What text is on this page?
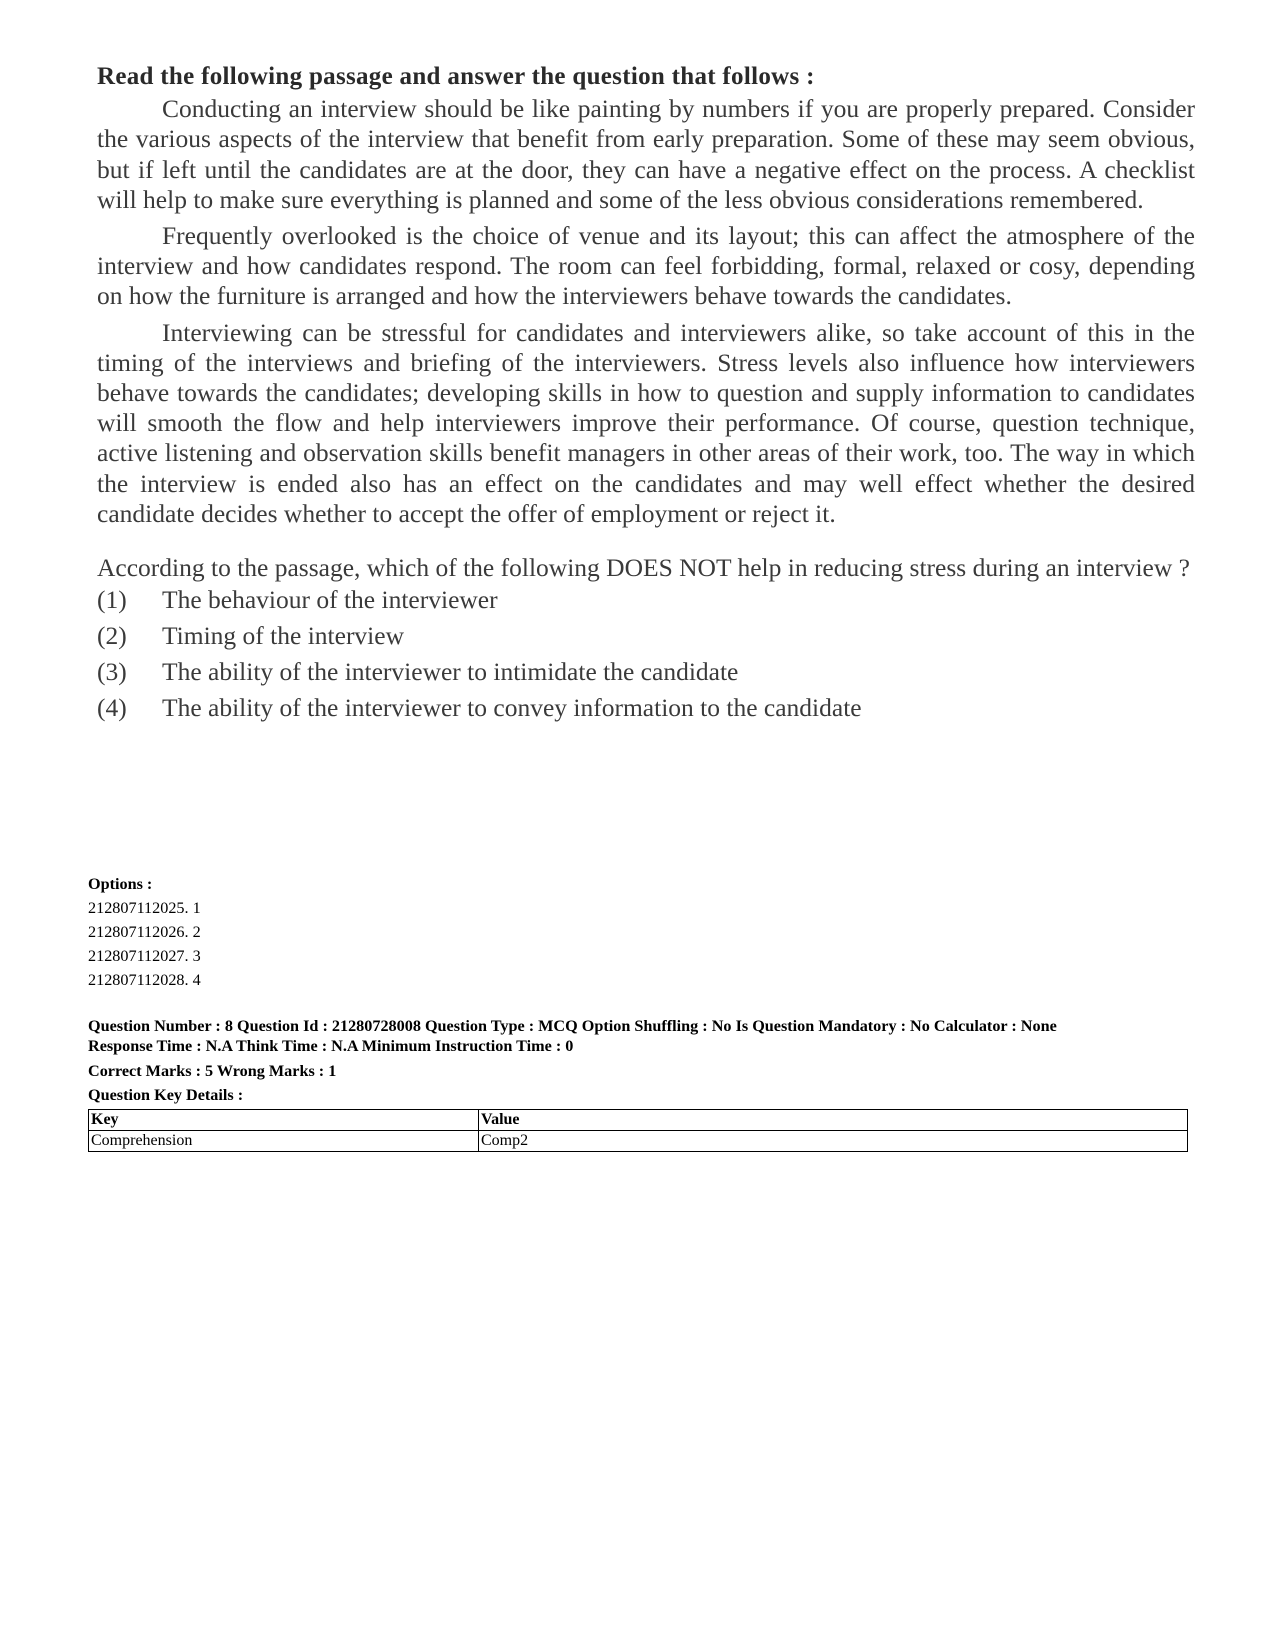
Read the following passage and answer the question that follows :
Conducting an interview should be like painting by numbers if you are properly prepared. Consider the various aspects of the interview that benefit from early preparation. Some of these may seem obvious, but if left until the candidates are at the door, they can have a negative effect on the process. A checklist will help to make sure everything is planned and some of the less obvious considerations remembered.
Frequently overlooked is the choice of venue and its layout; this can affect the atmosphere of the interview and how candidates respond. The room can feel forbidding, formal, relaxed or cosy, depending on how the furniture is arranged and how the interviewers behave towards the candidates.
Interviewing can be stressful for candidates and interviewers alike, so take account of this in the timing of the interviews and briefing of the interviewers. Stress levels also influence how interviewers behave towards the candidates; developing skills in how to question and supply information to candidates will smooth the flow and help interviewers improve their performance. Of course, question technique, active listening and observation skills benefit managers in other areas of their work, too. The way in which the interview is ended also has an effect on the candidates and may well effect whether the desired candidate decides whether to accept the offer of employment or reject it.
According to the passage, which of the following DOES NOT help in reducing stress during an interview ?
(1)	The behaviour of the interviewer
(2)	Timing of the interview
(3)	The ability of the interviewer to intimidate the candidate
(4)	The ability of the interviewer to convey information to the candidate
Options :
212807112025. 1
212807112026. 2
212807112027. 3
212807112028. 4
Question Number : 8 Question Id : 21280728008 Question Type : MCQ Option Shuffling : No Is Question Mandatory : No Calculator : None
Response Time : N.A Think Time : N.A Minimum Instruction Time : 0
Correct Marks : 5 Wrong Marks : 1
Question Key Details :
Key	Value
Comprehension	Comp2
